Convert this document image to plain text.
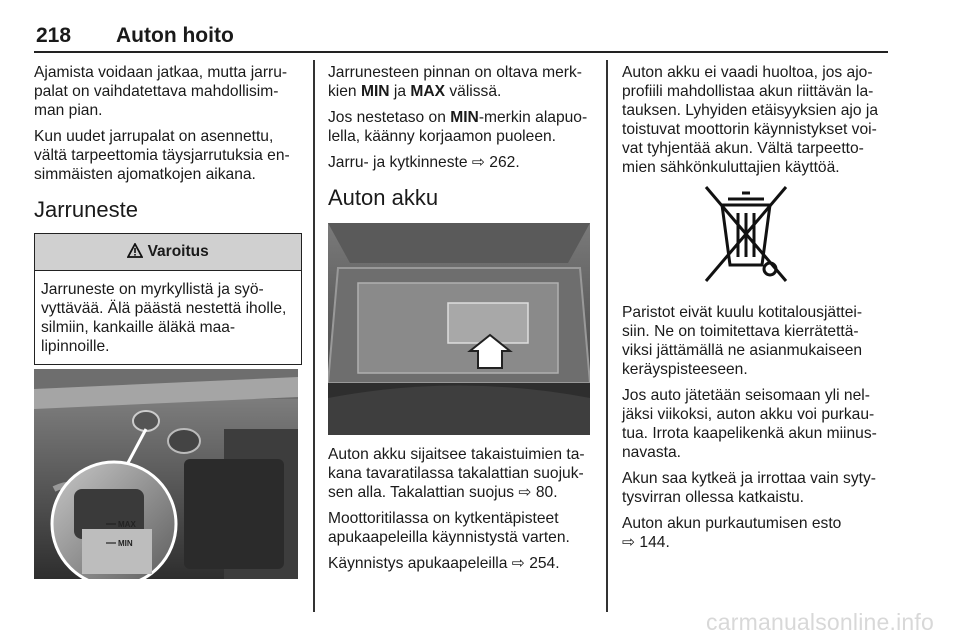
218 Auton hoito

Ajamista voidaan jatkaa, mutta jarru-palat on vaihdatettava mahdollisim-man pian.

Kun uudet jarrupalat on asennettu, vältä tarpeettomia täysjarrutuksia en-simmäisten ajomatkojen aikana.

Jarruneste
Varoitus
Jarruneste on myrkyllistä ja syö-vyttävää. Älä päästä nestettä iholle, silmiin, kankaille äläkä maa-lipinnoille.
MAX
MIN

Jarrunesteen pinnan on oltava merk-kien MIN ja MAX välissä.

Jos nestetaso on MIN-merkin alapuo-lella, käänny korjaamon puoleen.

Jarru- ja kytkinneste ⇨ 262.

Auton akku

Auton akku sijaitsee takaistuimien ta-kana tavaratilassa takalattian suojuk-sen alla. Takalattian suojus ⇨ 80.

Moottoritilassa on kytkentäpisteet apukaapeleilla käynnistystä varten.

Käynnistys apukaapeleilla ⇨ 254.

Auton akku ei vaadi huoltoa, jos ajo-profiili mahdollistaa akun riittävän la-tauksen. Lyhyiden etäisyyksien ajo ja toistuvat moottorin käynnistykset voi-vat tyhjentää akun. Vältä tarpeetto-mien sähkönkuluttajien käyttöä.

Paristot eivät kuulu kotitalousjättei-siin. Ne on toimitettava kierrätettä-viksi jättämällä ne asianmukaiseen keräyspisteeseen.

Jos auto jätetään seisomaan yli nel-jäksi viikoksi, auton akku voi purkau-tua. Irrota kaapelikenkä akun miinus-navasta.

Akun saa kytkeä ja irrottaa vain syty-tysvirran ollessa katkaistu.

Auton akun purkautumisen esto
⇨ 144.

carmanualsonline.info
